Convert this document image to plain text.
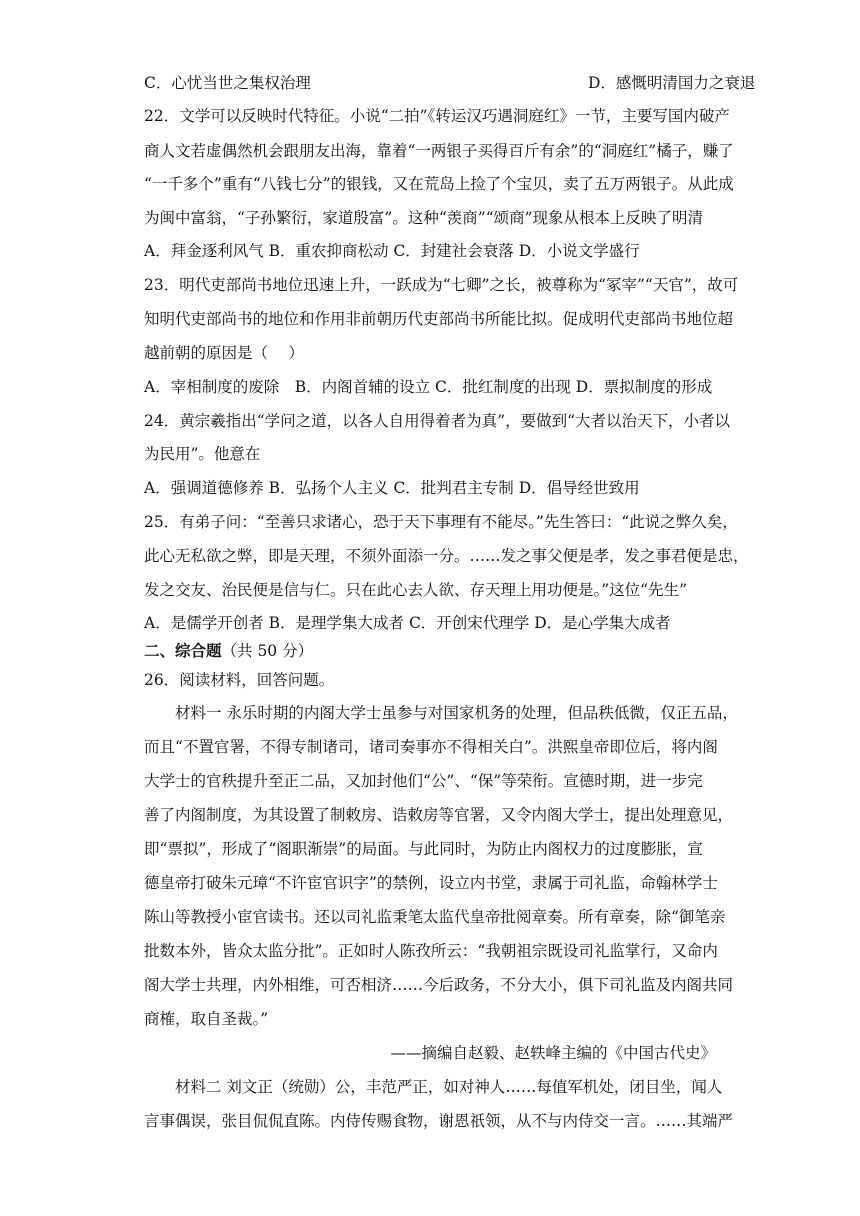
C．心忧当世之集权治理	D．感慨明清国力之衰退
22．文学可以反映时代特征。小说“二拍”《转运汉巧遇洞庭红》一节，主要写国内破产
商人文若虚偶然机会跟朋友出海，靠着“一两银子买得百斤有余”的“洞庭红”橘子，赚了
“一千多个”重有“八钱七分”的银钱，又在荒岛上捡了个宝贝，卖了五万两银子。从此成
为闽中富翁，“子孙繁衍，家道殷富”。这种“羡商”“颂商”现象从根本上反映了明清
A．拜金逐利风气 B．重农抑商松动 C．封建社会衰落 D．小说文学盛行
23．明代吏部尚书地位迅速上升，一跃成为“七卿”之长，被尊称为“冢宰”“天官”，故可
知明代吏部尚书的地位和作用非前朝历代吏部尚书所能比拟。促成明代吏部尚书地位超
越前朝的原因是（　 ）
A．宰相制度的废除　B．内阁首辅的设立 C．批红制度的出现 D．票拟制度的形成
24．黄宗羲指出“学问之道，以各人自用得着者为真”，要做到“大者以治天下，小者以
为民用”。他意在
A．强调道德修养 B．弘扬个人主义 C．批判君主专制 D．倡导经世致用
25．有弟子问：“至善只求诸心，恐于天下事理有不能尽。”先生答曰：“此说之弊久矣，
此心无私欲之弊，即是天理，不须外面添一分。……发之事父便是孝，发之事君便是忠，
发之交友、治民便是信与仁。只在此心去人欲、存天理上用功便是。”这位“先生”
A．是儒学开创者 B．是理学集大成者 C．开创宋代理学 D．是心学集大成者
二、综合题（共 50 分）
26．阅读材料，回答问题。
　　材料一 永乐时期的内阁大学士虽参与对国家机务的处理，但品秩低微，仅正五品，
而且“不置官署，不得专制诸司，诸司奏事亦不得相关白”。洪熙皇帝即位后，将内阁
大学士的官秩提升至正二品，又加封他们“公”、“保”等荣衔。宣德时期，进一步完
善了内阁制度，为其设置了制敕房、诰敕房等官署，又令内阁大学士，提出处理意见，
即“票拟”，形成了“阁职渐崇”的局面。与此同时，为防止内阁权力的过度膨胀，宣
德皇帝打破朱元璋“不许宦官识字”的禁例，设立内书堂，隶属于司礼监，命翰林学士
陈山等教授小宦官读书。还以司礼监秉笔太监代皇帝批阅章奏。所有章奏，除“御笔亲
批数本外，皆众太监分批”。正如时人陈孜所云：“我朝祖宗既设司礼监掌行，又命内
阁大学士共理，内外相维，可否相济……今后政务，不分大小，俱下司礼监及内阁共同
商榷，取自圣裁。”
——摘编自赵毅、赵轶峰主编的《中国古代史》
　　材料二 刘文正（统勋）公，丰范严正，如对神人……每值军机处，闭目坐，闻人
言事偶误，张目侃侃直陈。内侍传赐食物，谢恩祇领，从不与内侍交一言。……其端严
